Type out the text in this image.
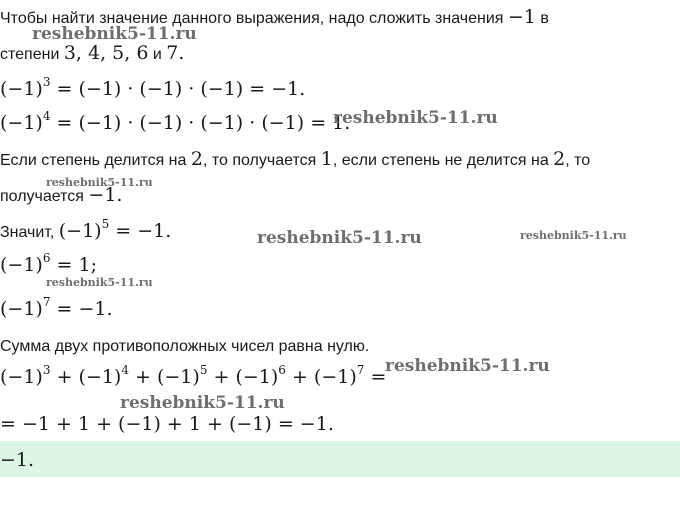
Чтобы найти значение данного выражения, надо сложить значения −1 в
степени 3, 4, 5, 6 и 7.
$(-1)^3 = (-1) \cdot (-1) \cdot (-1) = -1$.
$(-1)^4 = (-1) \cdot (-1) \cdot (-1) \cdot (-1) = 1$.
Если степень делится на 2, то получается 1, если степень не делится на 2, то
получается −1.
Значит, $(-1)^5 = -1$.
$(-1)^6 = 1$;
$(-1)^7 = -1$.
Сумма двух противоположных чисел равна нулю.
$(-1)^3 + (-1)^4 + (-1)^5 + (-1)^6 + (-1)^7$ =
= −1 + 1 + (−1) + 1 + (−1) = −1.
−1.
reshebnik5-11.ru
reshebnik5-11.ru
reshebnik5-11.ru
reshebnik5-11.ru	reshebnik5-11.ru
reshebnik5-11.ru
reshebnik5-11.ru
reshebnik5-11.ru
